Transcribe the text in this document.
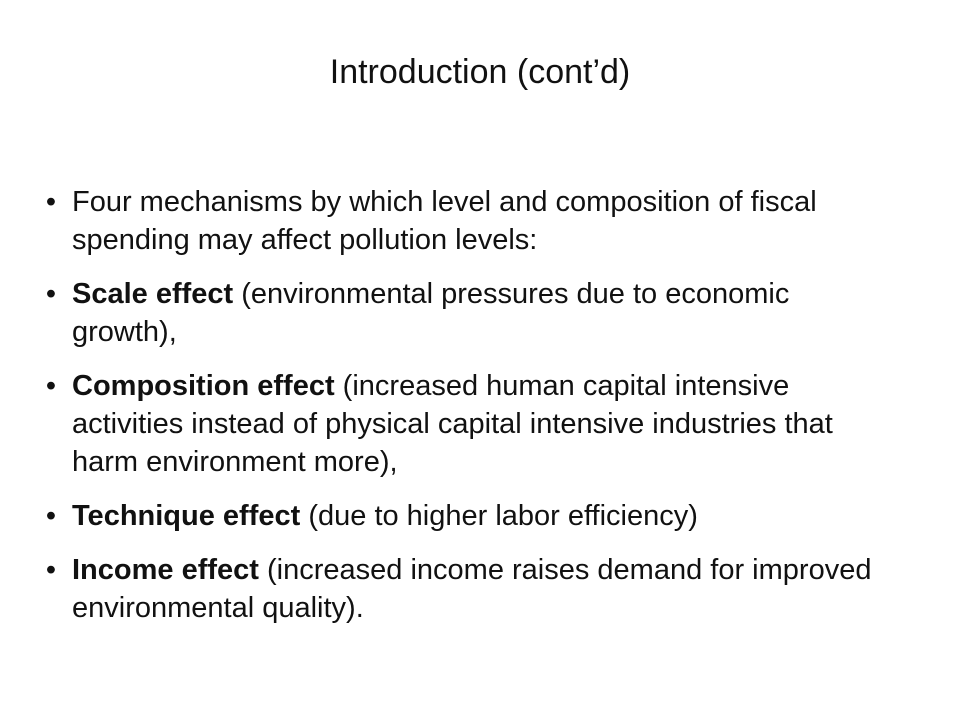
Introduction (cont’d)
• Four mechanisms by which level and composition of fiscal spending may affect pollution levels:
• Scale effect (environmental pressures due to economic growth),
• Composition effect (increased human capital intensive activities instead of physical capital intensive industries that harm environment more),
• Technique effect (due to higher labor efficiency)
• Income effect (increased income raises demand for improved environmental quality).
